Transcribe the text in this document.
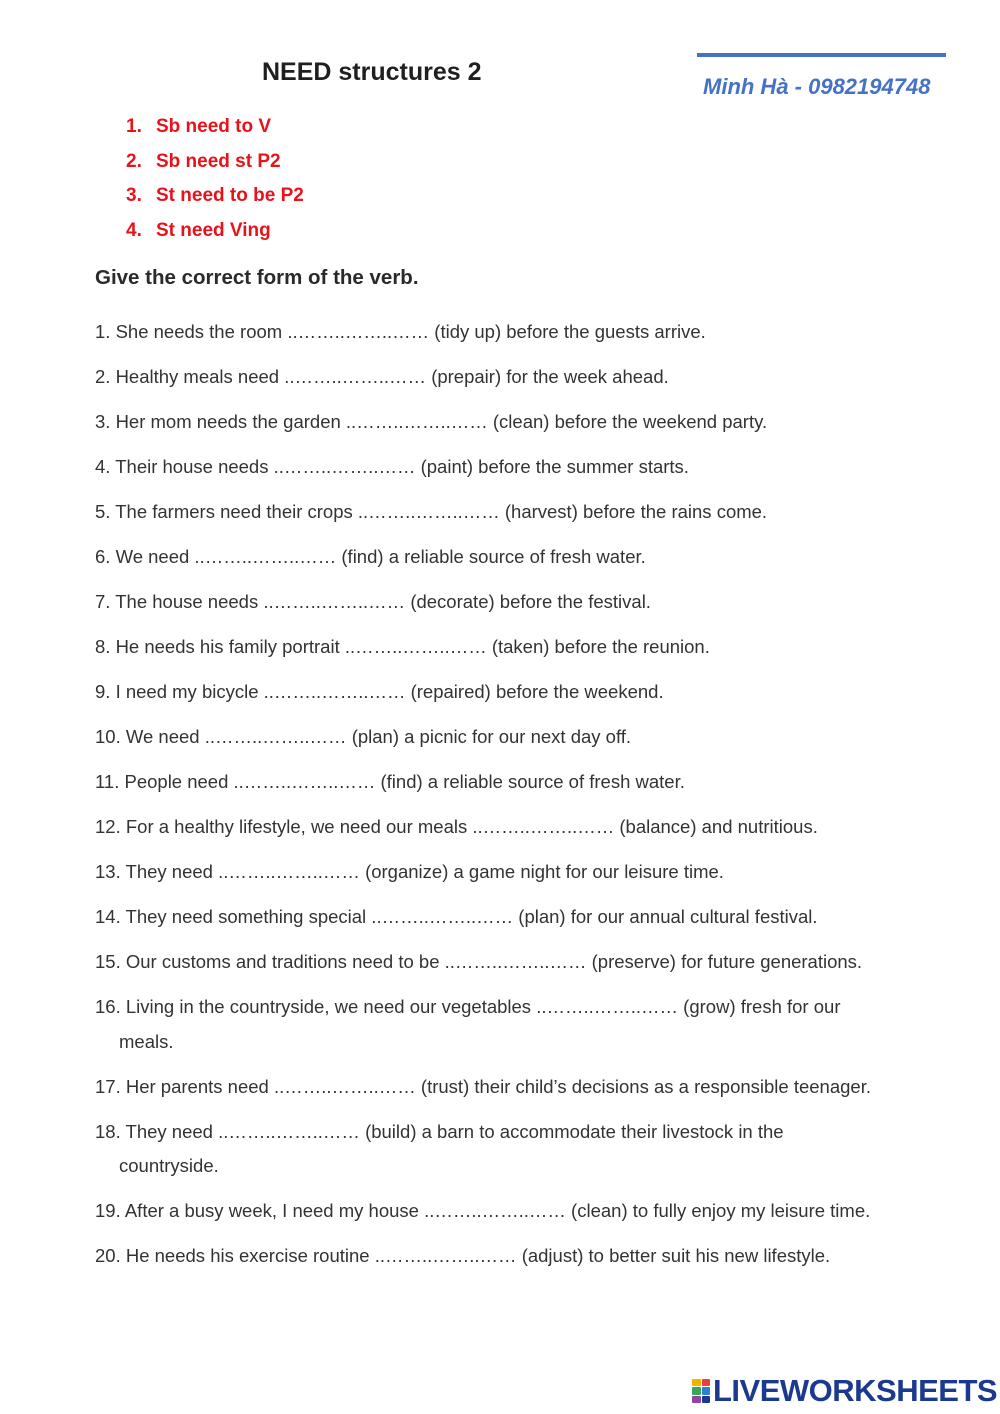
NEED structures 2
Minh Hà - 0982194748
1. Sb need to V
2. Sb need st P2
3. St need to be P2
4. St need Ving
Give the correct form of the verb.
1. She needs the room ..……..……..…… (tidy up) before the guests arrive.
2. Healthy meals need ..……..……..…… (prepair) for the week ahead.
3. Her mom needs the garden ..……..……..…… (clean) before the weekend party.
4. Their house needs ..……..……..…… (paint) before the summer starts.
5. The farmers need their crops ..……..……..…… (harvest) before the rains come.
6. We need ..……..……..…… (find) a reliable source of fresh water.
7. The house needs ..……..……..…… (decorate) before the festival.
8. He needs his family portrait ..……..……..…… (taken) before the reunion.
9. I need my bicycle ..……..……..…… (repaired) before the weekend.
10. We need ..……..……..…… (plan) a picnic for our next day off.
11. People need ..……..……..…… (find) a reliable source of fresh water.
12. For a healthy lifestyle, we need our meals ..……..……..…… (balance) and nutritious.
13. They need ..……..……..…… (organize) a game night for our leisure time.
14. They need something special ..……..……..…… (plan) for our annual cultural festival.
15. Our customs and traditions need to be ..……..……..…… (preserve) for future generations.
16. Living in the countryside, we need our vegetables ..……..……..…… (grow) fresh for our
meals.
17. Her parents need ..……..……..…… (trust) their child’s decisions as a responsible teenager.
18. They need ..……..……..…… (build) a barn to accommodate their livestock in the
countryside.
19. After a busy week, I need my house ..……..……..…… (clean) to fully enjoy my leisure time.
20. He needs his exercise routine ..……..……..…… (adjust) to better suit his new lifestyle.
LIVEWORKSHEETS
